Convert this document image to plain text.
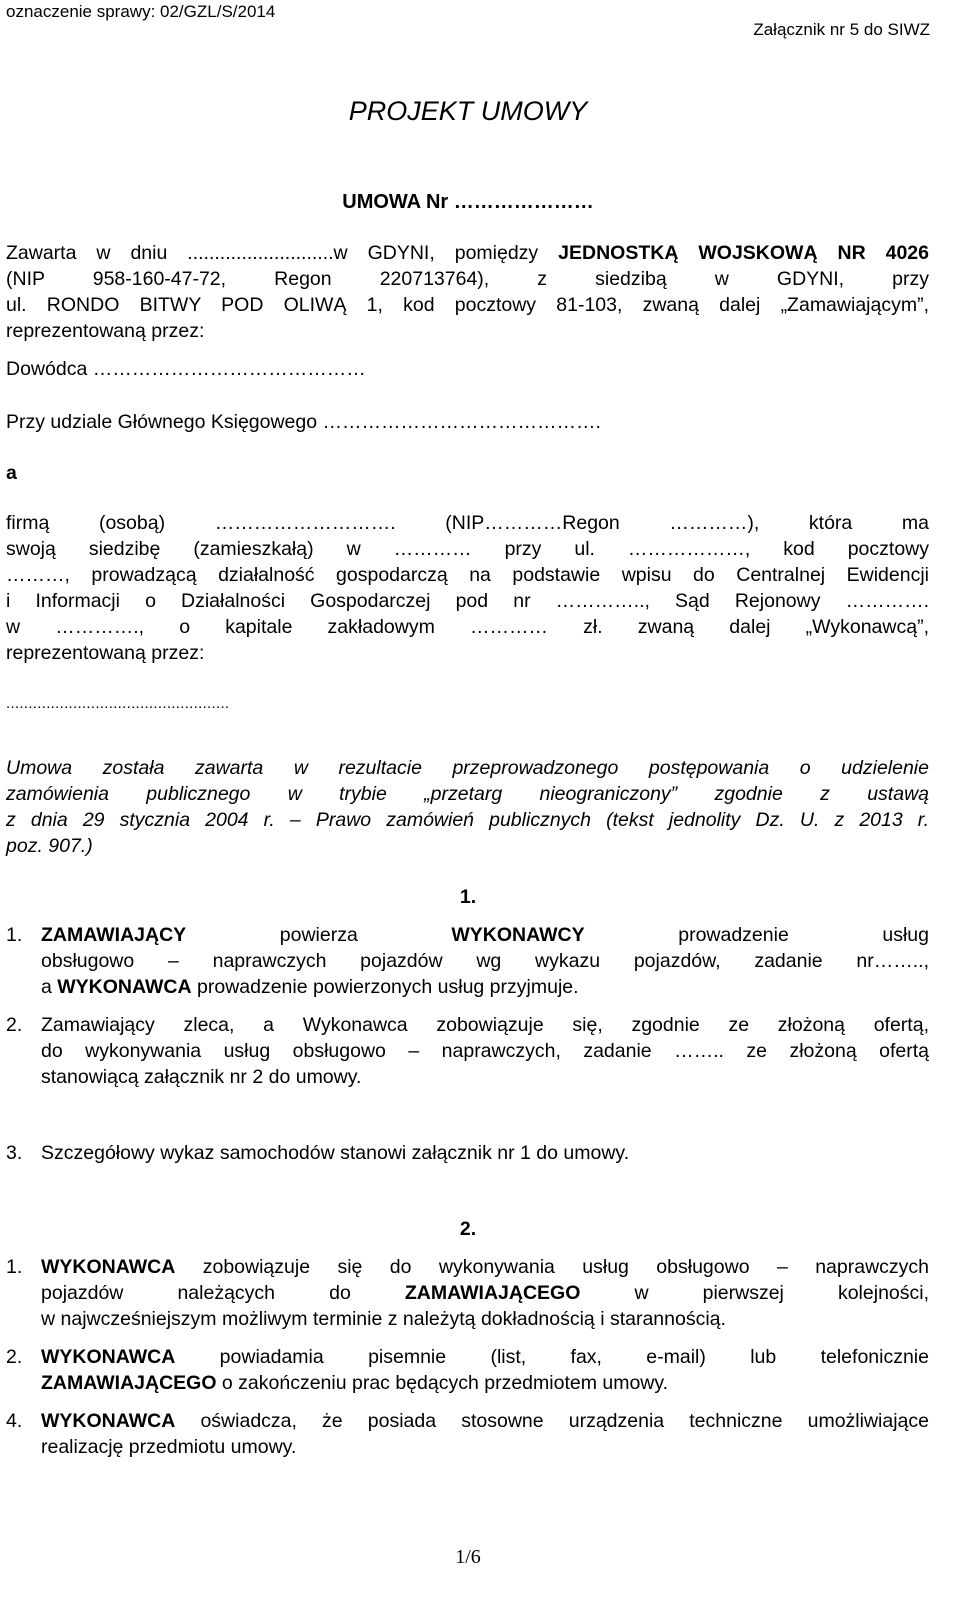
oznaczenie sprawy: 02/GZL/S/2014
Załącznik nr 5 do SIWZ
PROJEKT UMOWY
UMOWA Nr …………………
Zawarta w dniu ...........................w GDYNI, pomiędzy JEDNOSTKĄ WOJSKOWĄ NR 4026
(NIP 958-160-47-72, Regon 220713764), z siedzibą w GDYNI, przy
ul. RONDO BITWY POD OLIWĄ 1, kod pocztowy 81-103, zwaną dalej „Zamawiającym”,
reprezentowaną przez:
Dowódca ……………………………………
Przy udziale Głównego Księgowego …………………………………….
a
firmą (osobą) ………………………. (NIP…………Regon …………), która ma
swoją siedzibę (zamieszkałą) w ………… przy ul. ………………, kod pocztowy
………, prowadzącą działalność gospodarczą na podstawie wpisu do Centralnej Ewidencji
i Informacji o Działalności Gospodarczej pod nr ………….., Sąd Rejonowy ………….
w …………., o kapitale zakładowym ………… zł. zwaną dalej „Wykonawcą”,
reprezentowaną przez:
..................................................
Umowa została zawarta w rezultacie przeprowadzonego postępowania o udzielenie
zamówienia publicznego w trybie „przetarg nieograniczony” zgodnie z ustawą
z dnia 29 stycznia 2004 r. – Prawo zamówień publicznych (tekst jednolity Dz. U. z 2013 r.
poz. 907.)
1.
1. ZAMAWIAJĄCY powierza WYKONAWCY prowadzenie usług
obsługowo – naprawczych pojazdów wg wykazu pojazdów, zadanie nr……..,
a WYKONAWCA prowadzenie powierzonych usług przyjmuje.
2. Zamawiający zleca, a Wykonawca zobowiązuje się, zgodnie ze złożoną ofertą,
do wykonywania usług obsługowo – naprawczych, zadanie …….. ze złożoną ofertą
stanowiącą załącznik nr 2 do umowy.
3. Szczegółowy wykaz samochodów stanowi załącznik nr 1 do umowy.
2.
1. WYKONAWCA zobowiązuje się do wykonywania usług obsługowo – naprawczych
pojazdów należących do ZAMAWIAJĄCEGO w pierwszej kolejności,
w najwcześniejszym możliwym terminie z należytą dokładnością i starannością.
2. WYKONAWCA powiadamia pisemnie (list, fax, e-mail) lub telefonicznie
ZAMAWIAJĄCEGO o zakończeniu prac będących przedmiotem umowy.
4. WYKONAWCA oświadcza, że posiada stosowne urządzenia techniczne umożliwiające
realizację przedmiotu umowy.
1/6
